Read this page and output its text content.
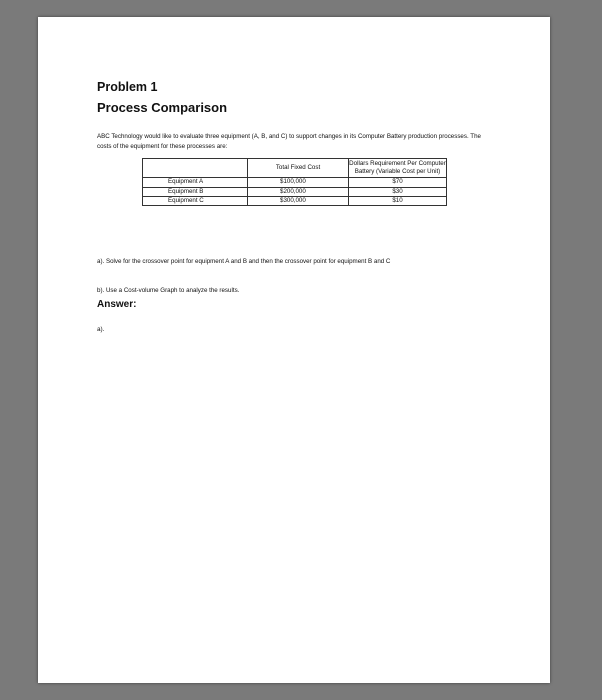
Problem 1
Process Comparison

ABC Technology would like to evaluate three equipment (A, B, and C) to support changes in its Computer Battery production processes. The costs of the equipment for these processes are:

	Total Fixed Cost	Dollars Requirement Per Computer Battery (Variable Cost per Unit)
Equipment A	$100,000	$70
Equipment B	$200,000	$30
Equipment C	$300,000	$10

a). Solve for the crossover point for equipment A and B and then the crossover point for equipment B and C

b). Use a Cost-volume Graph to analyze the results.

Answer:

a).
